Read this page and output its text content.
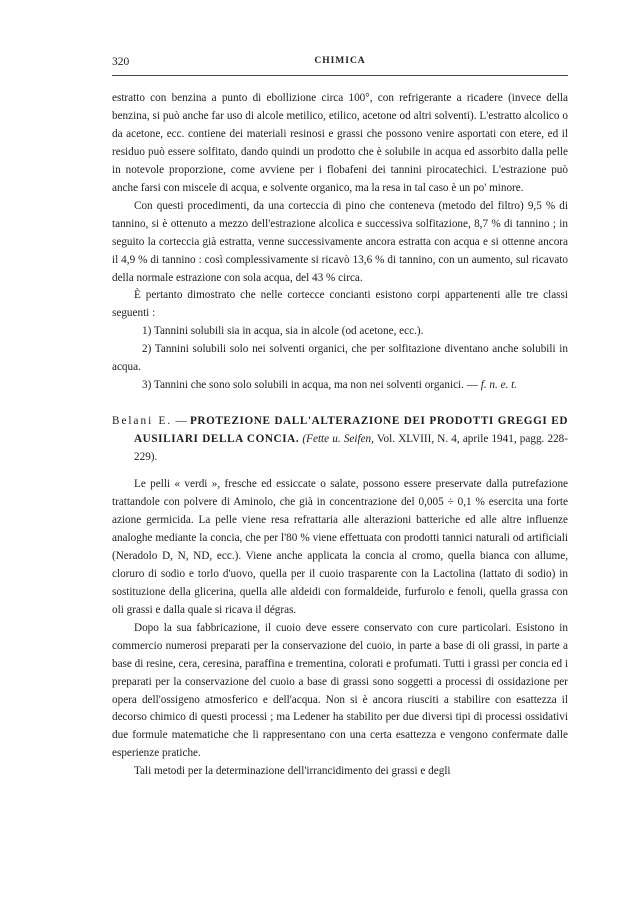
320	CHIMICA

estratto con benzina a punto di ebollizione circa 100°, con refrigerante a ricadere (invece della benzina, si può anche far uso di alcole metilico, etilico, acetone od altri solventi). L'estratto alcolico o da acetone, ecc. contiene dei materiali resinosi e grassi che possono venire asportati con etere, ed il residuo può essere solfitato, dando quindi un prodotto che è solubile in acqua ed assorbito dalla pelle in notevole proporzione, come avviene per i flobafeni dei tannini pirocatechici. L'estrazione può anche farsi con miscele di acqua, e solvente organico, ma la resa in tal caso è un po' minore.

Con questi procedimenti, da una corteccia di pino che conteneva (metodo del filtro) 9,5 % di tannino, si è ottenuto a mezzo dell'estrazione alcolica e successiva solfitazione, 8,7 % di tannino ; in seguito la corteccia già estratta, venne successivamente ancora estratta con acqua e si ottenne ancora il 4,9 % di tannino : così complessivamente si ricavò 13,6 % di tannino, con un aumento, sul ricavato della normale estrazione con sola acqua, del 43 % circa.

È pertanto dimostrato che nelle cortecce concianti esistono corpi appartenenti alle tre classi seguenti :

1) Tannini solubili sia in acqua, sia in alcole (od acetone, ecc.).

2) Tannini solubili solo nei solventi organici, che per solfitazione diventano anche solubili in acqua.

3) Tannini che sono solo solubili in acqua, ma non nei solventi organici. — f. n. e. t.

Belani E. — PROTEZIONE DALL'ALTERAZIONE DEI PRODOTTI GREGGI ED AUSILIARI DELLA CONCIA. (Fette u. Seifen, Vol. XLVIII, N. 4, aprile 1941, pagg. 228-229).

Le pelli « verdi », fresche ed essiccate o salate, possono essere preservate dalla putrefazione trattandole con polvere di Aminolo, che già in concentrazione del 0,005 ÷ 0,1 % esercita una forte azione germicida. La pelle viene resa refrattaria alle alterazioni batteriche ed alle altre influenze analoghe mediante la concia, che per l'80 % viene effettuata con prodotti tannici naturali od artificiali (Neradolo D, N, ND, ecc.). Viene anche applicata la concia al cromo, quella bianca con allume, cloruro di sodio e torlo d'uovo, quella per il cuoio trasparente con la Lactolina (lattato di sodio) in sostituzione della glicerina, quella alle aldeidi con formaldeide, furfurolo e fenoli, quella grassa con oli grassi e dalla quale si ricava il dégras.

Dopo la sua fabbricazione, il cuoio deve essere conservato con cure particolari. Esistono in commercio numerosi preparati per la conservazione del cuoio, in parte a base di oli grassi, in parte a base di resine, cera, ceresina, paraffina e trementina, colorati e profumati. Tutti i grassi per concia ed i preparati per la conservazione del cuoio a base di grassi sono soggetti a processi di ossidazione per opera dell'ossigeno atmosferico e dell'acqua. Non si è ancora riusciti a stabilire con esattezza il decorso chimico di questi processi ; ma Ledener ha stabilito per due diversi tipi di processi ossidativi due formule matematiche che li rappresentano con una certa esattezza e vengono confermate dalle esperienze pratiche.

Tali metodi per la determinazione dell'irrancidimento dei grassi e degli
